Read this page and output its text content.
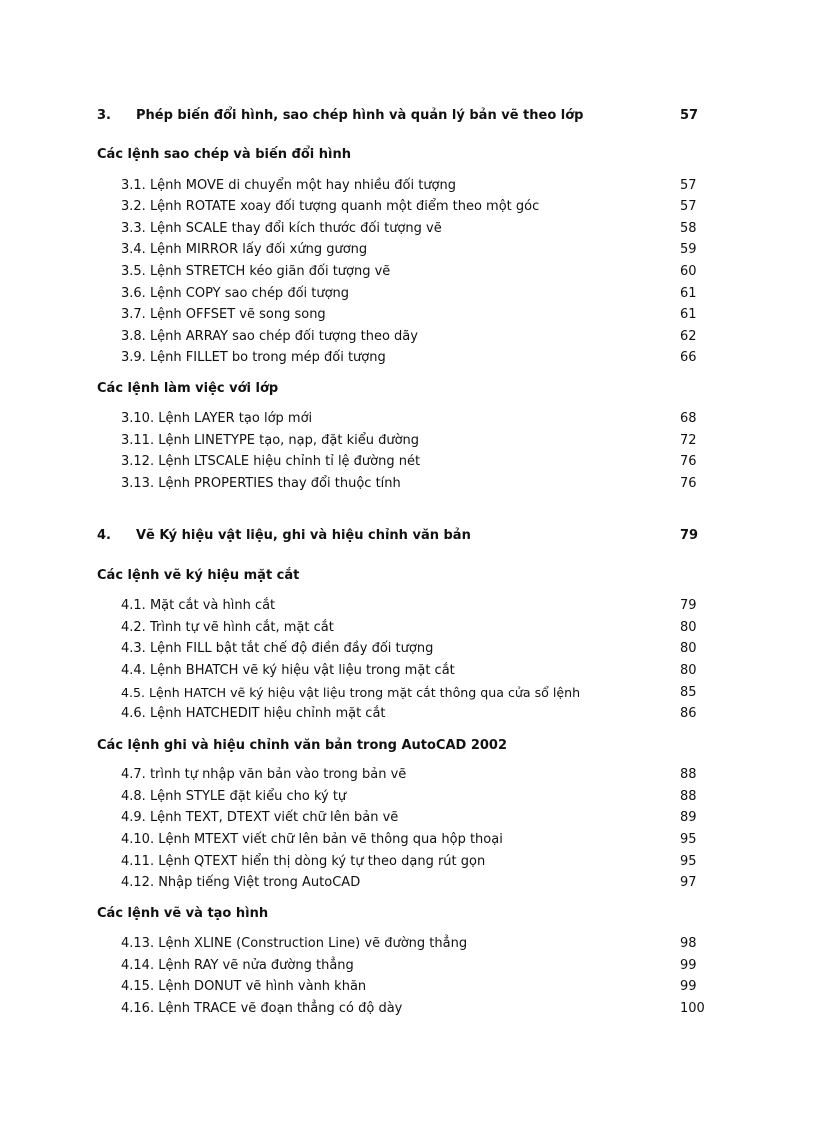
3. Phép biến đổi hình, sao chép hình và quản lý bản vẽ theo lớp	57
Các lệnh sao chép và biến đổi hình
3.1. Lệnh MOVE di chuyển một hay nhiều đối tượng	57
3.2. Lệnh ROTATE xoay đối tượng quanh một điểm theo một góc	57
3.3. Lệnh SCALE thay đổi kích thước đối tượng vẽ	58
3.4. Lệnh MIRROR lấy đối xứng gương	59
3.5. Lệnh STRETCH kéo giãn đối tượng vẽ	60
3.6. Lệnh COPY sao chép đối tượng	61
3.7. Lệnh OFFSET vẽ song song	61
3.8. Lệnh ARRAY sao chép đối tượng theo dãy	62
3.9. Lệnh FILLET bo trong mép đối tượng	66
Các lệnh làm việc với lớp
3.10. Lệnh LAYER tạo lớp mới	68
3.11. Lệnh LINETYPE tạo, nạp, đặt kiểu đường	72
3.12. Lệnh LTSCALE hiệu chỉnh tỉ lệ đường nét	76
3.13. Lệnh PROPERTIES thay đổi thuộc tính	76
4. Vẽ Ký hiệu vật liệu, ghi và hiệu chỉnh văn bản	79
Các lệnh vẽ ký hiệu mặt cắt
4.1. Mặt cắt và hình cắt	79
4.2. Trình tự vẽ hình cắt, mặt cắt	80
4.3. Lệnh FILL bật tắt chế độ điền đầy đối tượng	80
4.4. Lệnh BHATCH vẽ ký hiệu vật liệu trong mặt cắt	80
4.5. Lệnh HATCH vẽ ký hiệu vật liệu trong mặt cắt thông qua cửa sổ lệnh	85
4.6. Lệnh HATCHEDIT hiệu chỉnh mặt cắt	86
Các lệnh ghi và hiệu chỉnh văn bản trong AutoCAD 2002
4.7. trình tự nhập văn bản vào trong bản vẽ	88
4.8. Lệnh STYLE đặt kiểu cho ký tự	88
4.9. Lệnh TEXT, DTEXT viết chữ lên bản vẽ	89
4.10. Lệnh MTEXT viết chữ lên bản vẽ thông qua hộp thoại	95
4.11. Lệnh QTEXT hiển thị dòng ký tự theo dạng rút gọn	95
4.12. Nhập tiếng Việt trong AutoCAD	97
Các lệnh vẽ và tạo hình
4.13. Lệnh XLINE (Construction Line) vẽ đường thẳng	98
4.14. Lệnh RAY vẽ nửa đường thẳng	99
4.15. Lệnh DONUT vẽ hình vành khăn	99
4.16. Lệnh TRACE vẽ đoạn thẳng có độ dày	100
